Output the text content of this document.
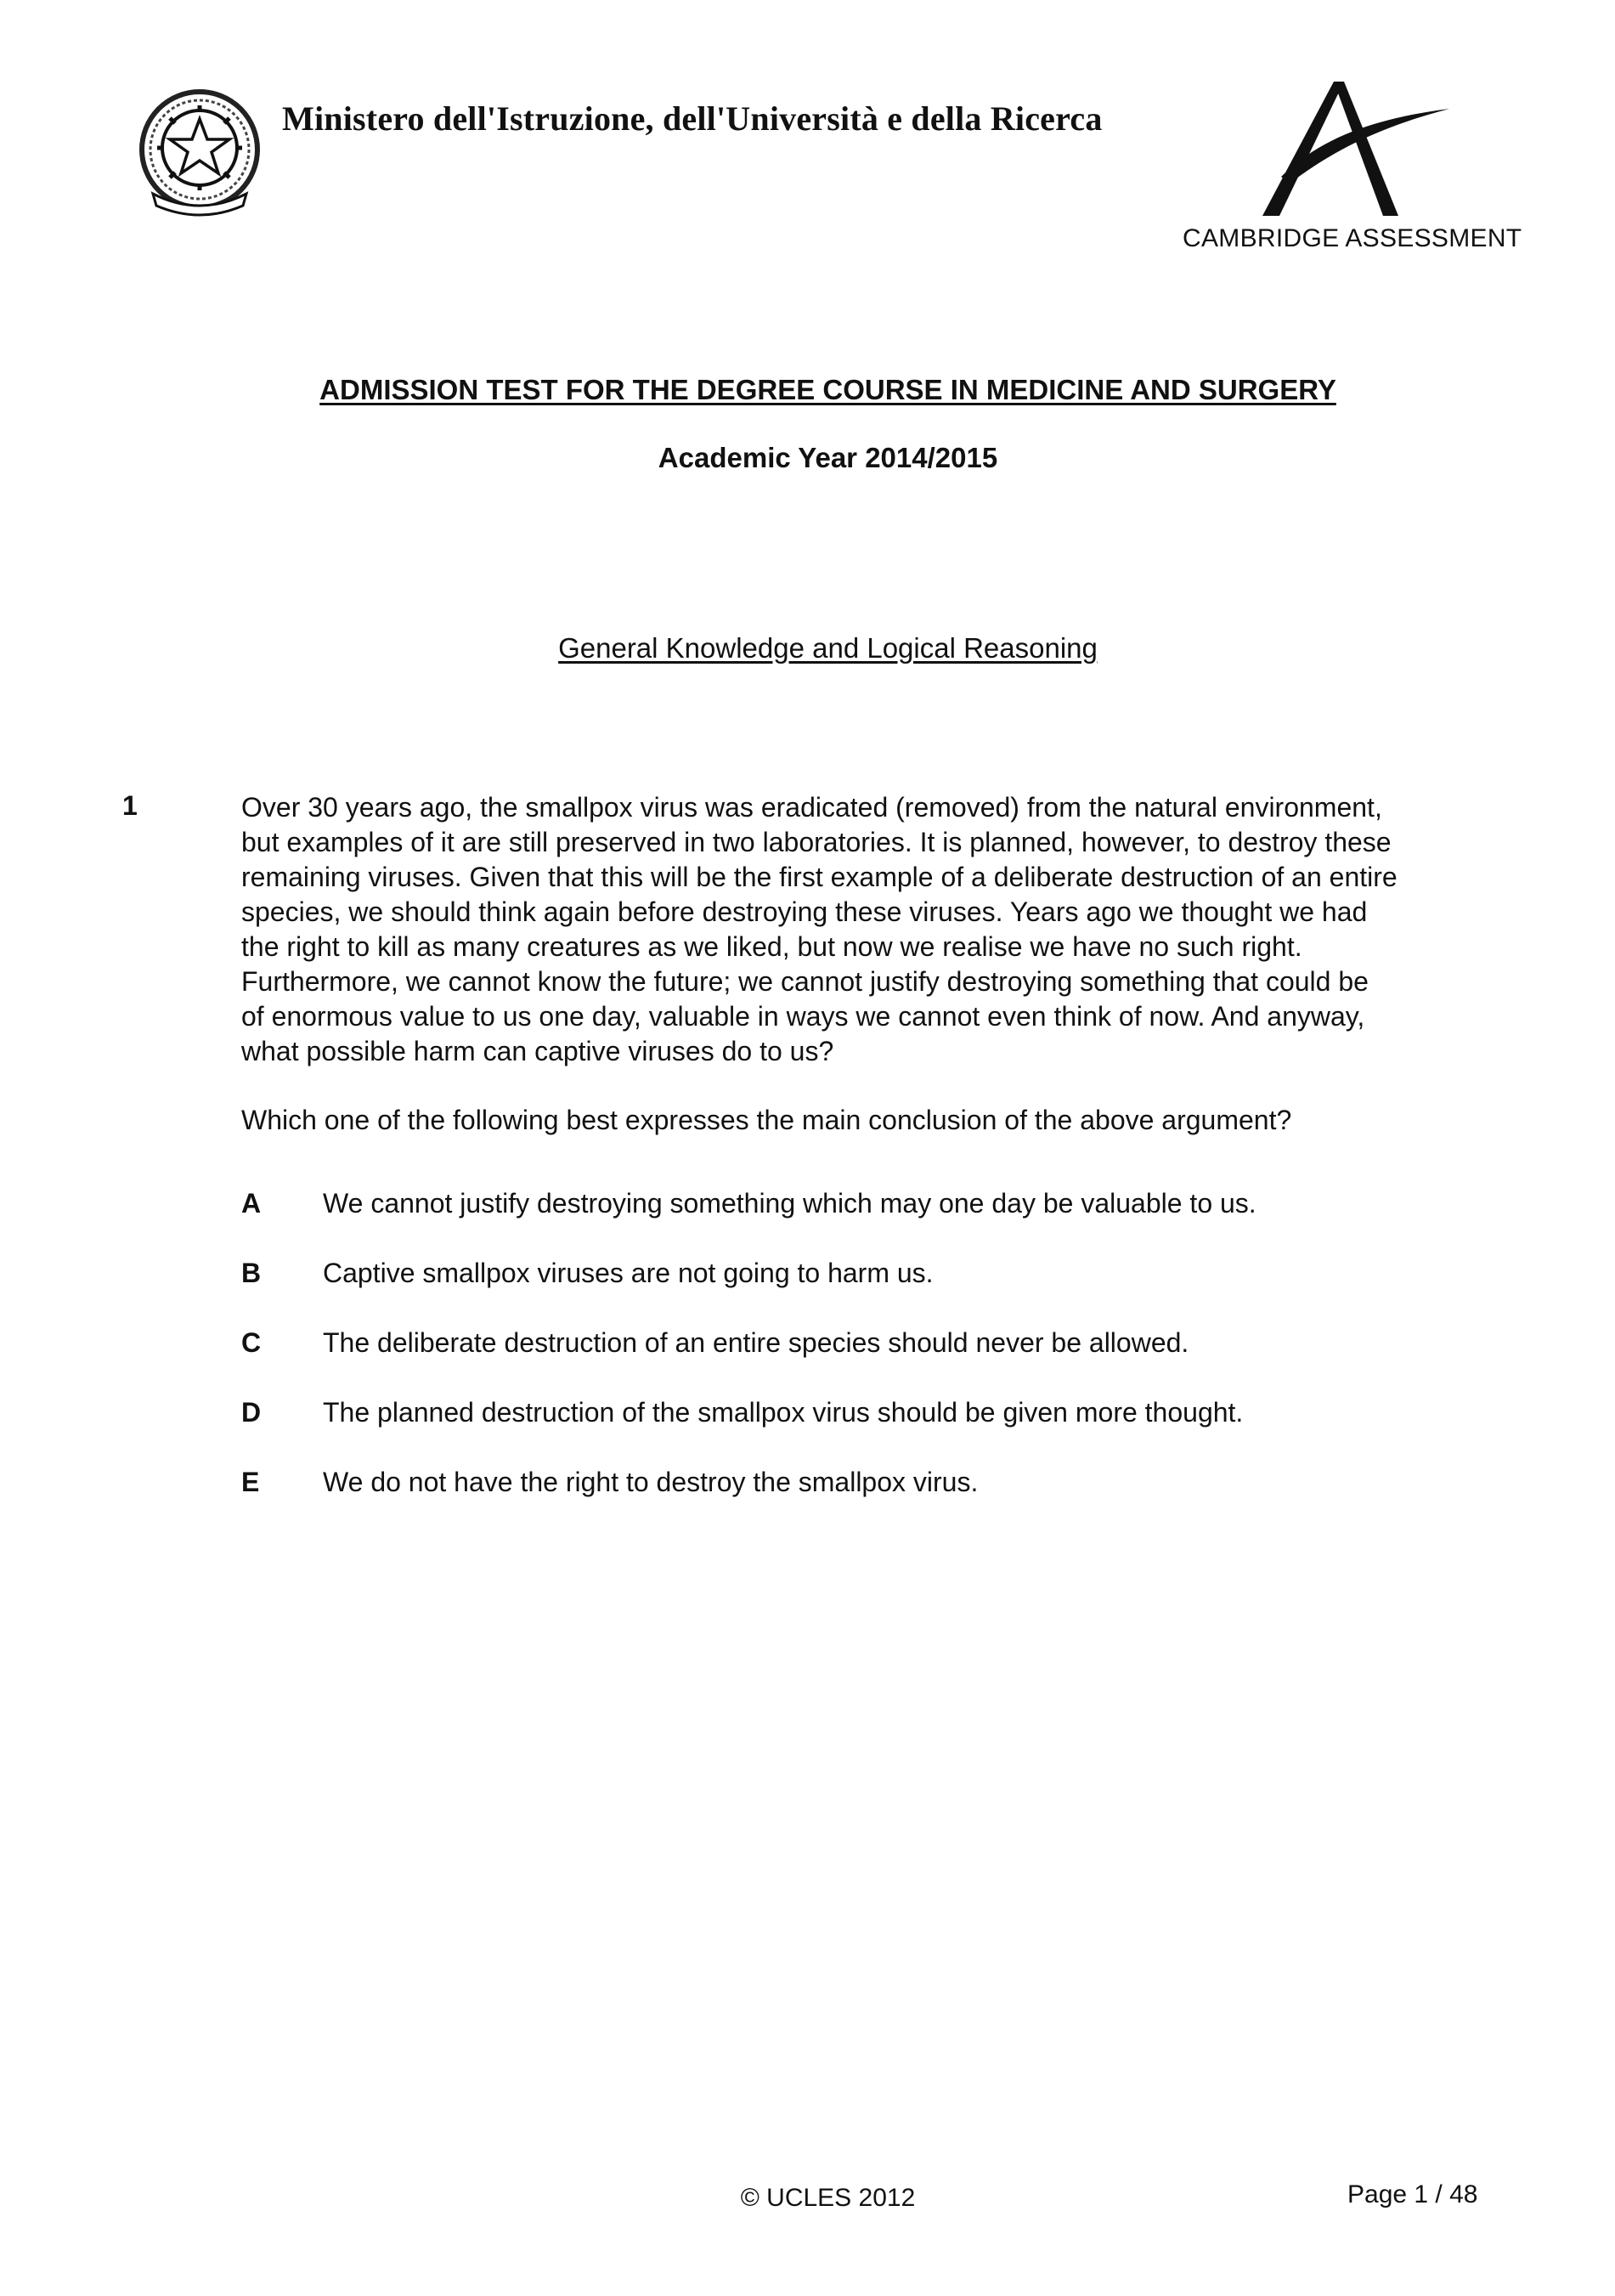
Ministero dell'Istruzione, dell'Università e della Ricerca
CAMBRIDGE ASSESSMENT
ADMISSION TEST FOR THE DEGREE COURSE IN MEDICINE AND SURGERY
Academic Year 2014/2015
General Knowledge and Logical Reasoning
1	Over 30 years ago, the smallpox virus was eradicated (removed) from the natural environment,
but examples of it are still preserved in two laboratories. It is planned, however, to destroy these
remaining viruses. Given that this will be the first example of a deliberate destruction of an entire
species, we should think again before destroying these viruses. Years ago we thought we had
the right to kill as many creatures as we liked, but now we realise we have no such right.
Furthermore, we cannot know the future; we cannot justify destroying something that could be
of enormous value to us one day, valuable in ways we cannot even think of now. And anyway,
what possible harm can captive viruses do to us?
Which one of the following best expresses the main conclusion of the above argument?
A We cannot justify destroying something which may one day be valuable to us.
B Captive smallpox viruses are not going to harm us.
C The deliberate destruction of an entire species should never be allowed.
D The planned destruction of the smallpox virus should be given more thought.
E We do not have the right to destroy the smallpox virus.
© UCLES 2012	Page 1 / 48
